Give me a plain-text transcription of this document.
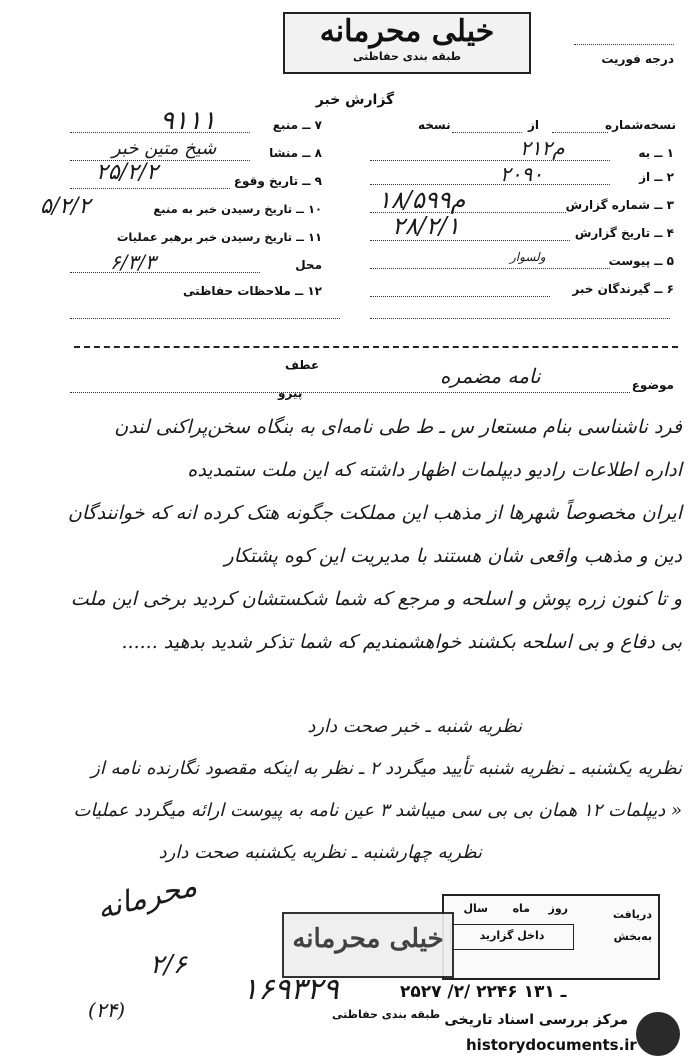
خیلی محرمانه
طبقه بندی حفاظتی	درجه فوریت
گزارش خبر
نسخه‌شماره
از
نسخه
۱ ــ به
۲۱۲م
۲ ــ از
۲۰۹۰
۳ ــ شماره گزارش
۱۸/۵۹۹م
۴ ــ تاریخ گزارش
۲۸/۲/۱
۵ ــ پیوست
ولسوار
۶ ــ گیرندگان خبر
۷ ــ منبع
۹۱۱۱
۸ ــ منشا
شیخ متین خبر
۹ ــ تاریخ وقوع
۲۵/۲/۲
۱۰ ــ تاریخ رسیدن خبر به منبع
۵/۲/۲
۱۱ ــ تاریخ رسیدن خبر برهبر عملیات
محل
۶/۳/۳
۱۲ ــ ملاحظات حفاظتی
موضوع
نامه مضمره
عطف
پیرو
فرد ناشناسی بنام مستعار س ـ ط طی نامه‌ای به بنگاه سخن‌پراکنی لندن
اداره اطلاعات رادیو دیپلمات اظهار داشته‌ که این ملت ستمدیده
ایران مخصوصاً شهرها از مذهب این مملکت جگونه هتک کرده انه که خوانندگان
دین و مذهب واقعی شان هستند با مدیریت این کوه پشتکار
و تا کنون زره پوش و اسلحه و مرجع که شما شکستشان کردید برخی این ملت
بی دفاع و بی اسلحه بکشند خواهشمندیم که شما تذکر شدید بدهید ......
نظریه شنبه ـ خبر صحت دارد
نظریه یکشنبه ـ نظریه شنبه تأیید میگردد ۲ ـ نظر به اینکه مقصود نگارنده نامه از
« دیپلمات ۱۲ همان بی بی سی میباشد ۳ عین نامه به پیوست ارائه میگردد عملیات
نظریه چهارشنبه ـ نظریه یکشنبه صحت دارد
محرمانه
۲/۶
(۲۴)
دریافت
روز
ماه
سال
به‌بخش
داخل گزارید
خیلی محرمانه
طبقه بندی حفاظتی
۱۶۹۳۲۹	۲۵۲۷ /۲/ ۲۲۴۶ ـ ۱۳۱
مرکز بررسی اسناد تاریخی
historydocuments.ir
